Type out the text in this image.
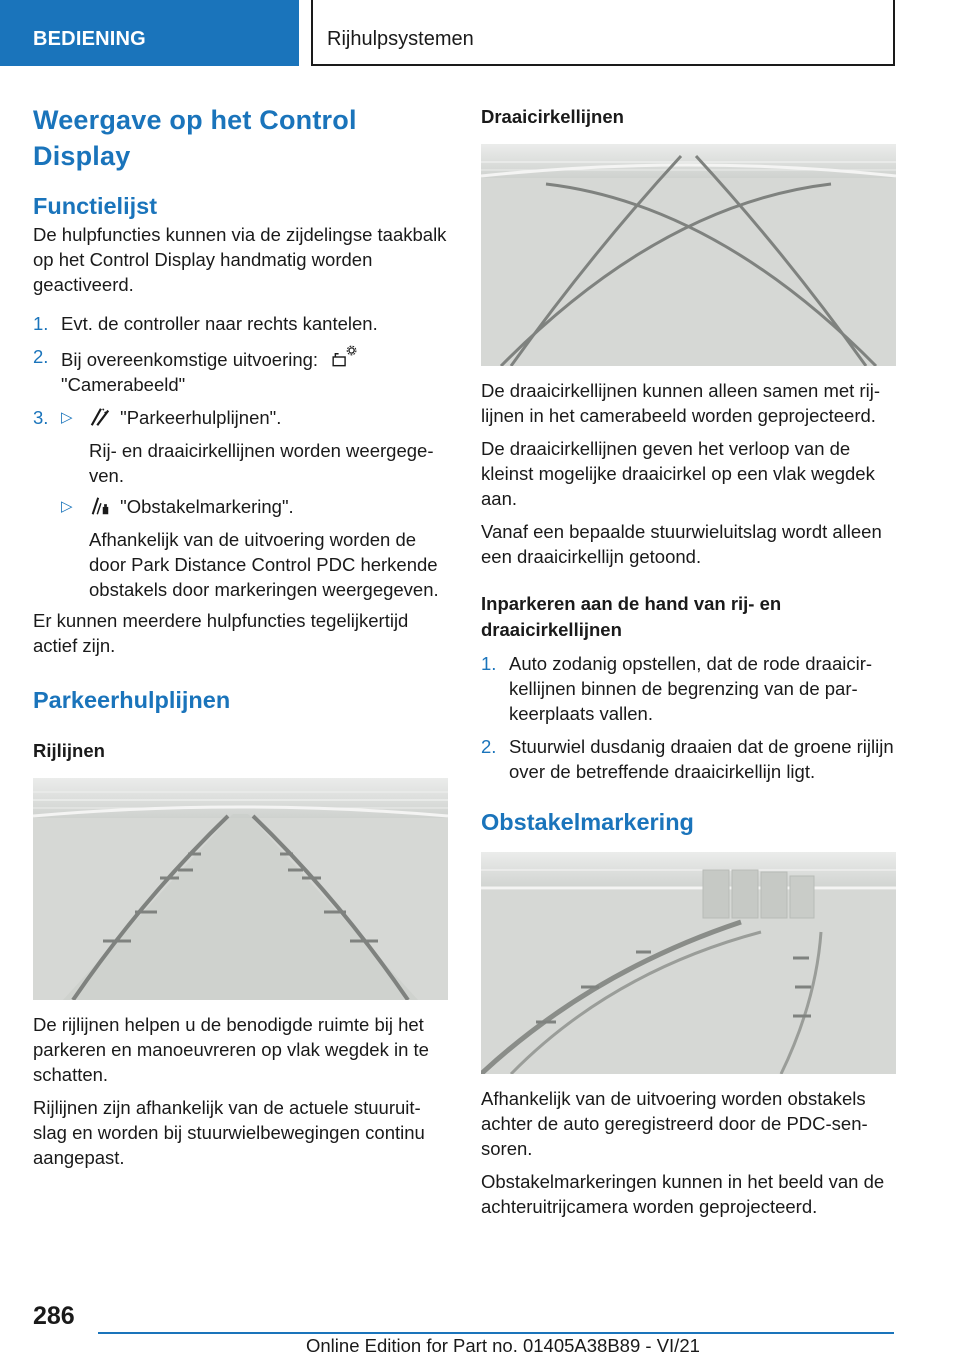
BEDIENING	Rijhulpsystemen
Weergave op het Control Display
Functielijst

De hulpfuncties kunnen via de zijdelingse taakbalk op het Control Display handmatig worden geactiveerd.

1. Evt. de controller naar rechts kantelen.
2. Bij overeenkomstige uitvoering:
"Camerabeeld"
3. ▷	"Parkeerhulplijnen".
Rij- en draaicirkellijnen worden weergegeven.
▷	"Obstakelmarkering".
Afhankelijk van de uitvoering worden de door Park Distance Control PDC herkende obstakels door markeringen weergegeven.

Er kunnen meerdere hulpfuncties tegelijkertijd actief zijn.

Parkeerhulplijnen
Rijlijnen

De rijlijnen helpen u de benodigde ruimte bij het parkeren en manoeuvreren op vlak wegdek in te schatten.

Rijlijnen zijn afhankelijk van de actuele stuuruitslag en worden bij stuurwielbewegingen continu aangepast.

Draaicirkellijnen

De draaicirkellijnen kunnen alleen samen met rijlijnen in het camerabeeld worden geprojecteerd.

De draaicirkellijnen geven het verloop van de kleinst mogelijke draaicirkel op een vlak wegdek aan.

Vanaf een bepaalde stuurwieluitslag wordt alleen een draaicirkellijn getoond.

Inparkeren aan de hand van rij- en draaicirkellijnen
1. Auto zodanig opstellen, dat de rode draaicirkellijnen binnen de begrenzing van de parkeerplaats vallen.
2. Stuurwiel dusdanig draaien dat de groene rijlijn over de betreffende draaicirkellijn ligt.
Obstakelmarkering

Afhankelijk van de uitvoering worden obstakels achter de auto geregistreerd door de PDC-sensoren.

Obstakelmarkeringen kunnen in het beeld van de achteruitrijcamera worden geprojecteerd.

286
Online Edition for Part no. 01405A38B89 - VI/21
